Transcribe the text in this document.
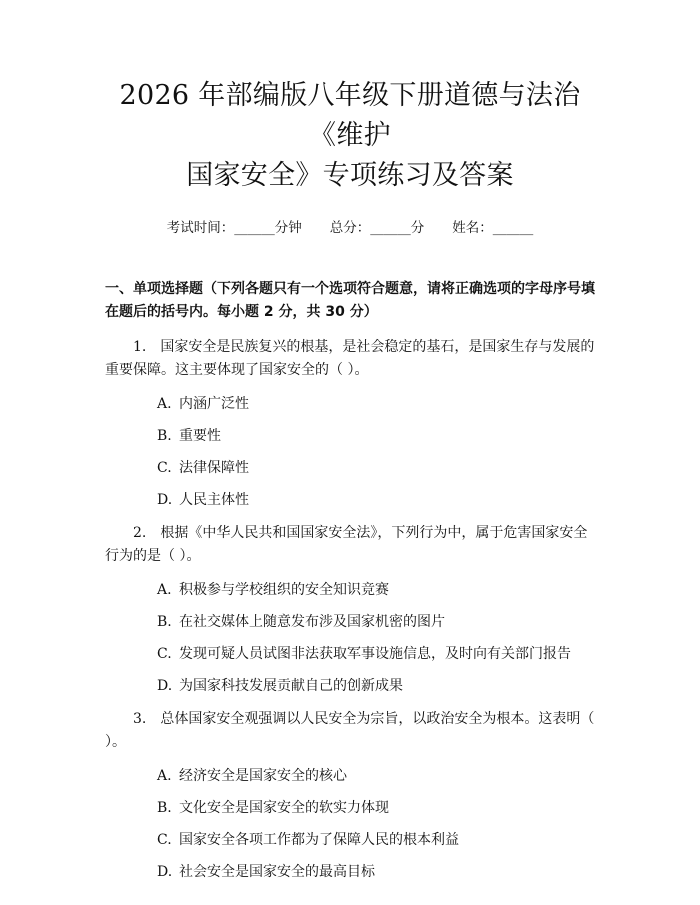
2026 年部编版八年级下册道德与法治《维护
国家安全》专项练习及答案
考试时间：______分钟 总分：______分 姓名：______
一、单项选择题（下列各题只有一个选项符合题意，请将正确选项的字母序号填在题后的括号内。每小题 2 分，共 30 分）
1. 国家安全是民族复兴的根基，是社会稳定的基石，是国家生存与发展的重要保障。这主要体现了国家安全的（ ）。
A. 内涵广泛性
B. 重要性
C. 法律保障性
D. 人民主体性
2. 根据《中华人民共和国国家安全法》，下列行为中，属于危害国家安全行为的是（ ）。
A. 积极参与学校组织的安全知识竞赛
B. 在社交媒体上随意发布涉及国家机密的图片
C. 发现可疑人员试图非法获取军事设施信息，及时向有关部门报告
D. 为国家科技发展贡献自己的创新成果
3. 总体国家安全观强调以人民安全为宗旨，以政治安全为根本。这表明（ ）。
A. 经济安全是国家安全的核心
B. 文化安全是国家安全的软实力体现
C. 国家安全各项工作都为了保障人民的根本利益
D. 社会安全是国家安全的最高目标
